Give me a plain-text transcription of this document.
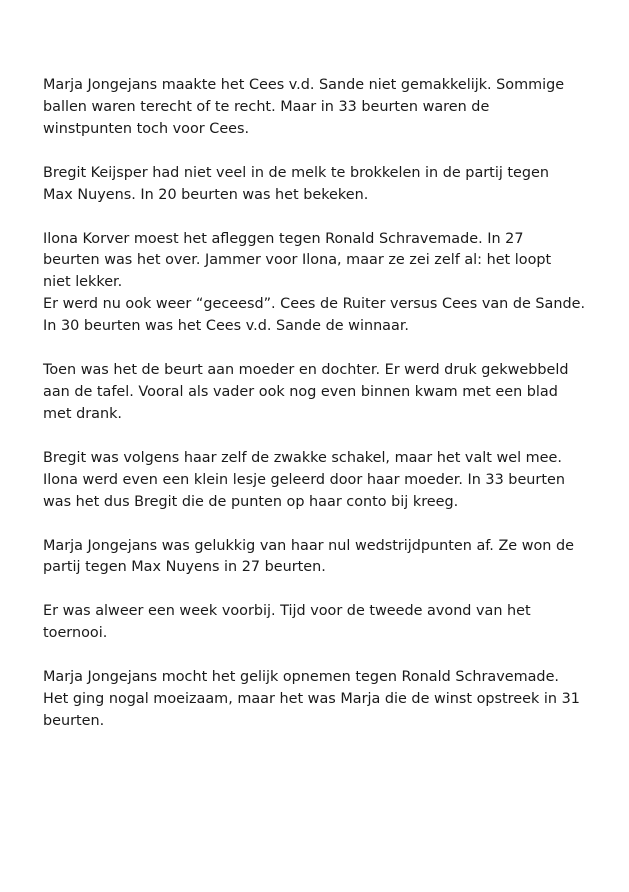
Marja Jongejans maakte het Cees v.d. Sande niet gemakkelijk. Sommige
ballen waren terecht of te recht. Maar in 33 beurten waren de
winstpunten toch voor Cees.

Bregit Keijsper had niet veel in de melk te brokkelen in de partij tegen
Max Nuyens. In 20 beurten was het bekeken.

Ilona Korver moest het afleggen tegen Ronald Schravemade. In 27
beurten was het over. Jammer voor Ilona, maar ze zei zelf al: het loopt
niet lekker.

Er werd nu ook weer “geceesd”. Cees de Ruiter versus Cees van de Sande.
In 30 beurten was het Cees v.d. Sande de winnaar.

Toen was het de beurt aan moeder en dochter. Er werd druk gekwebbeld
aan de tafel. Vooral als vader ook nog even binnen kwam met een blad
met drank.

Bregit was volgens haar zelf de zwakke schakel, maar het valt wel mee.
Ilona werd even een klein lesje geleerd door haar moeder. In 33 beurten
was het dus Bregit die de punten op haar conto bij kreeg.

Marja Jongejans was gelukkig van haar nul wedstrijdpunten af. Ze won de
partij tegen Max Nuyens in 27 beurten.

Er was alweer een week voorbij. Tijd voor de tweede avond van het
toernooi.

Marja Jongejans mocht het gelijk opnemen tegen Ronald Schravemade.
Het ging nogal moeizaam, maar het was Marja die de winst opstreek in 31
beurten.
